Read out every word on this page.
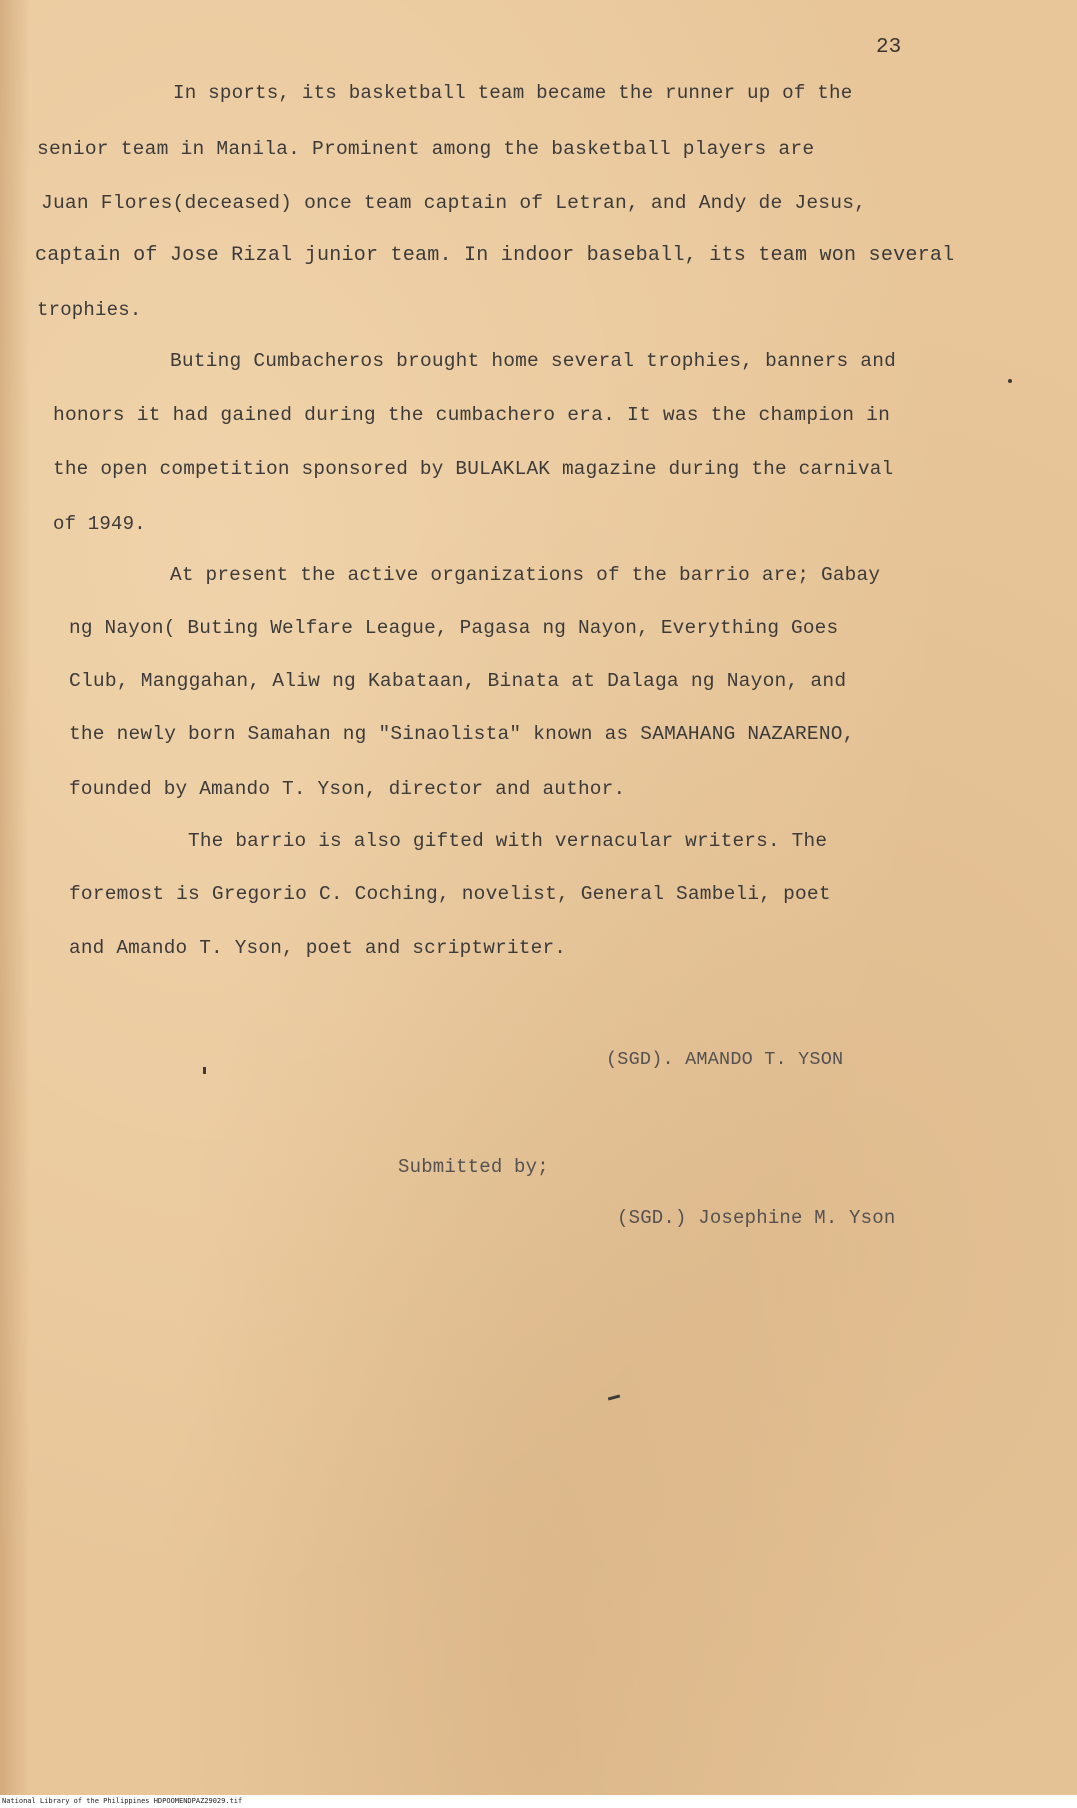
23

In sports, its basketball team became the runner up of the

senior team in Manila. Prominent among the basketball players are

Juan Flores(deceased) once team captain of Letran, and Andy de Jesus,

captain of Jose Rizal junior team. In indoor baseball, its team won several

trophies.

Buting Cumbacheros brought home several trophies, banners and

honors it had gained during the cumbachero era. It was the champion in

the open competition sponsored by BULAKLAK magazine during the carnival

of 1949.

At present the active organizations of the barrio are; Gabay

ng Nayon( Buting Welfare League, Pagasa ng Nayon, Everything Goes

Club, Manggahan, Aliw ng Kabataan, Binata at Dalaga ng Nayon, and

the newly born Samahan ng "Sinaolista" known as SAMAHANG NAZARENO,

founded by Amando T. Yson, director and author.

The barrio is also gifted with vernacular writers. The

foremost is Gregorio C. Coching, novelist, General Sambeli, poet

and Amando T. Yson, poet and scriptwriter.

(SGD). AMANDO T. YSON

Submitted by;

(SGD.) Josephine M. Yson

National Library of the Philippines HDPOOMENDPAZ29029.tif
